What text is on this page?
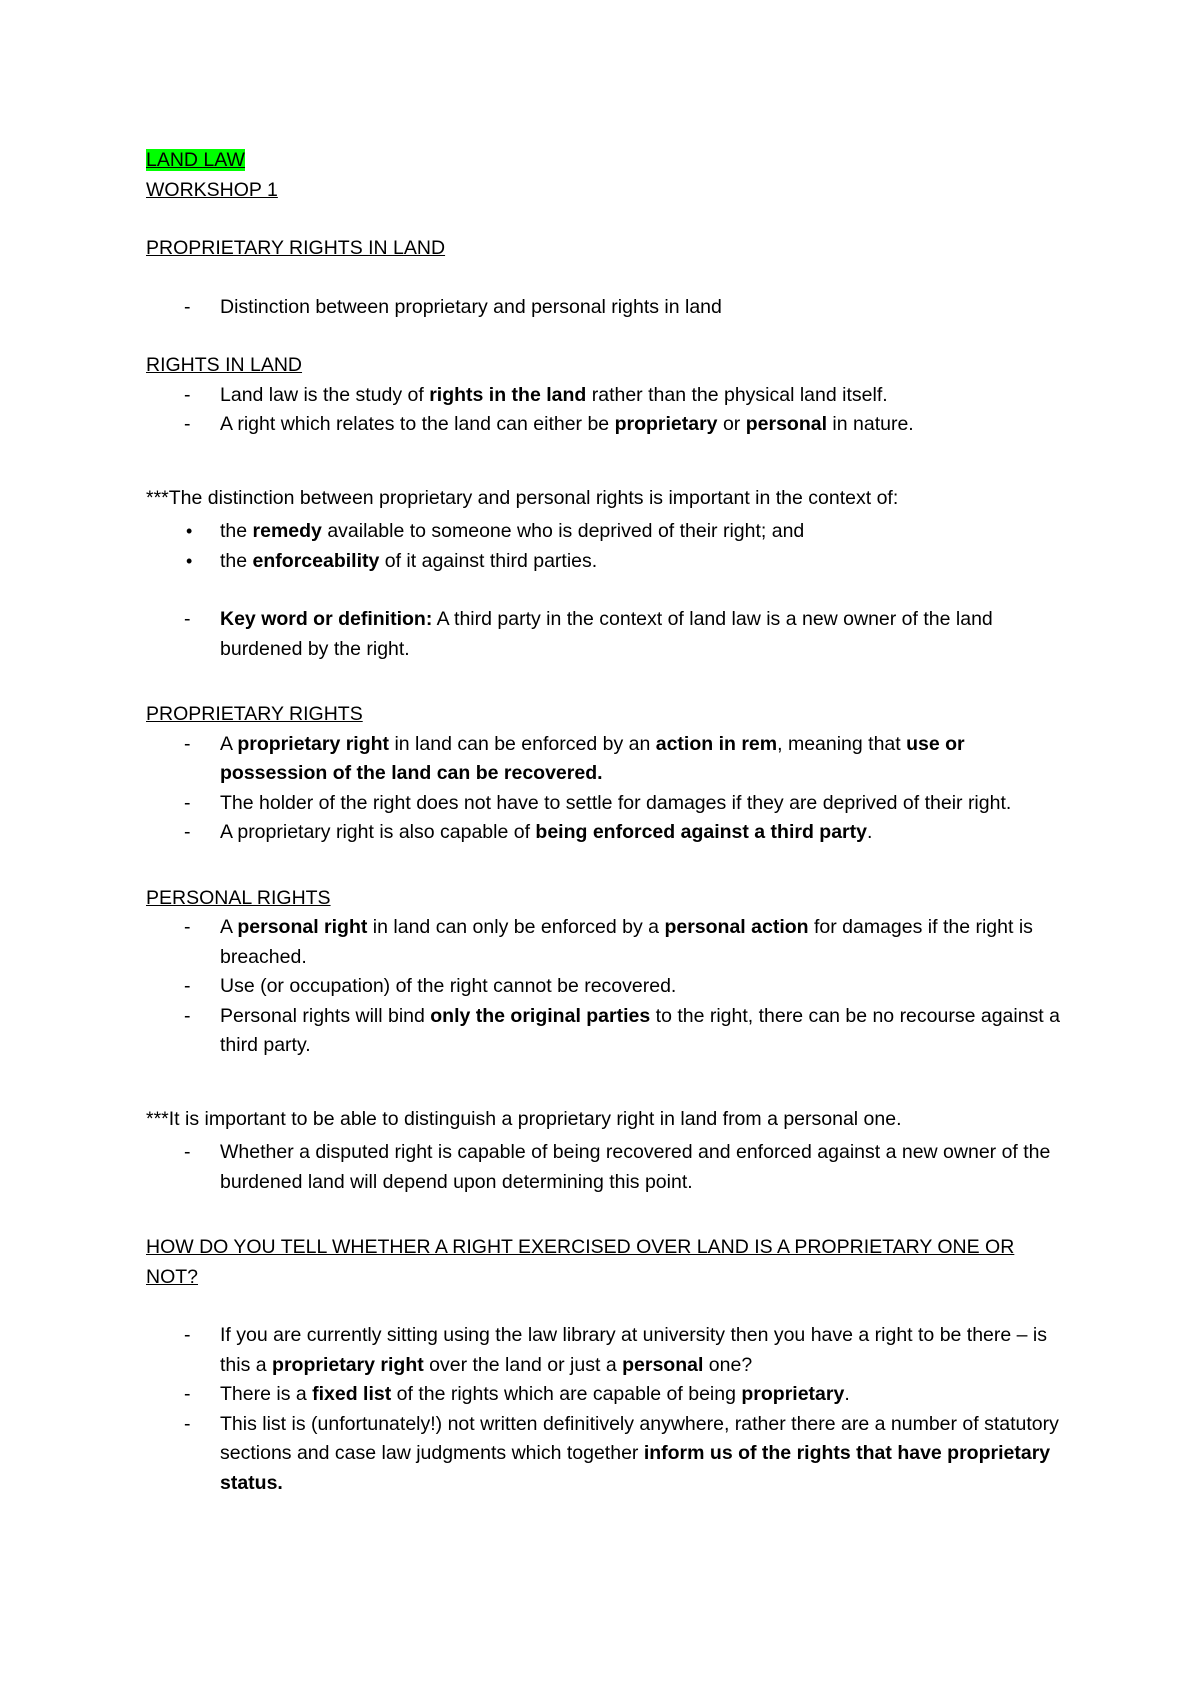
LAND LAW

WORKSHOP 1

PROPRIETARY RIGHTS IN LAND

- Distinction between proprietary and personal rights in land

RIGHTS IN LAND

- Land law is the study of rights in the land rather than the physical land itself.
- A right which relates to the land can either be proprietary or personal in nature.

***The distinction between proprietary and personal rights is important in the context of:

• the remedy available to someone who is deprived of their right; and
• the enforceability of it against third parties.
- Key word or definition: A third party in the context of land law is a new owner of the land burdened by the right.

PROPRIETARY RIGHTS

- A proprietary right in land can be enforced by an action in rem, meaning that use or possession of the land can be recovered.
- The holder of the right does not have to settle for damages if they are deprived of their right.
- A proprietary right is also capable of being enforced against a third party.

PERSONAL RIGHTS

- A personal right in land can only be enforced by a personal action for damages if the right is breached.
- Use (or occupation) of the right cannot be recovered.
- Personal rights will bind only the original parties to the right, there can be no recourse against a third party.

***It is important to be able to distinguish a proprietary right in land from a personal one.

- Whether a disputed right is capable of being recovered and enforced against a new owner of the burdened land will depend upon determining this point.

HOW DO YOU TELL WHETHER A RIGHT EXERCISED OVER LAND IS A PROPRIETARY ONE OR NOT?

- If you are currently sitting using the law library at university then you have a right to be there – is this a proprietary right over the land or just a personal one?
- There is a fixed list of the rights which are capable of being proprietary.
- This list is (unfortunately!) not written definitively anywhere, rather there are a number of statutory sections and case law judgments which together inform us of the rights that have proprietary status.
